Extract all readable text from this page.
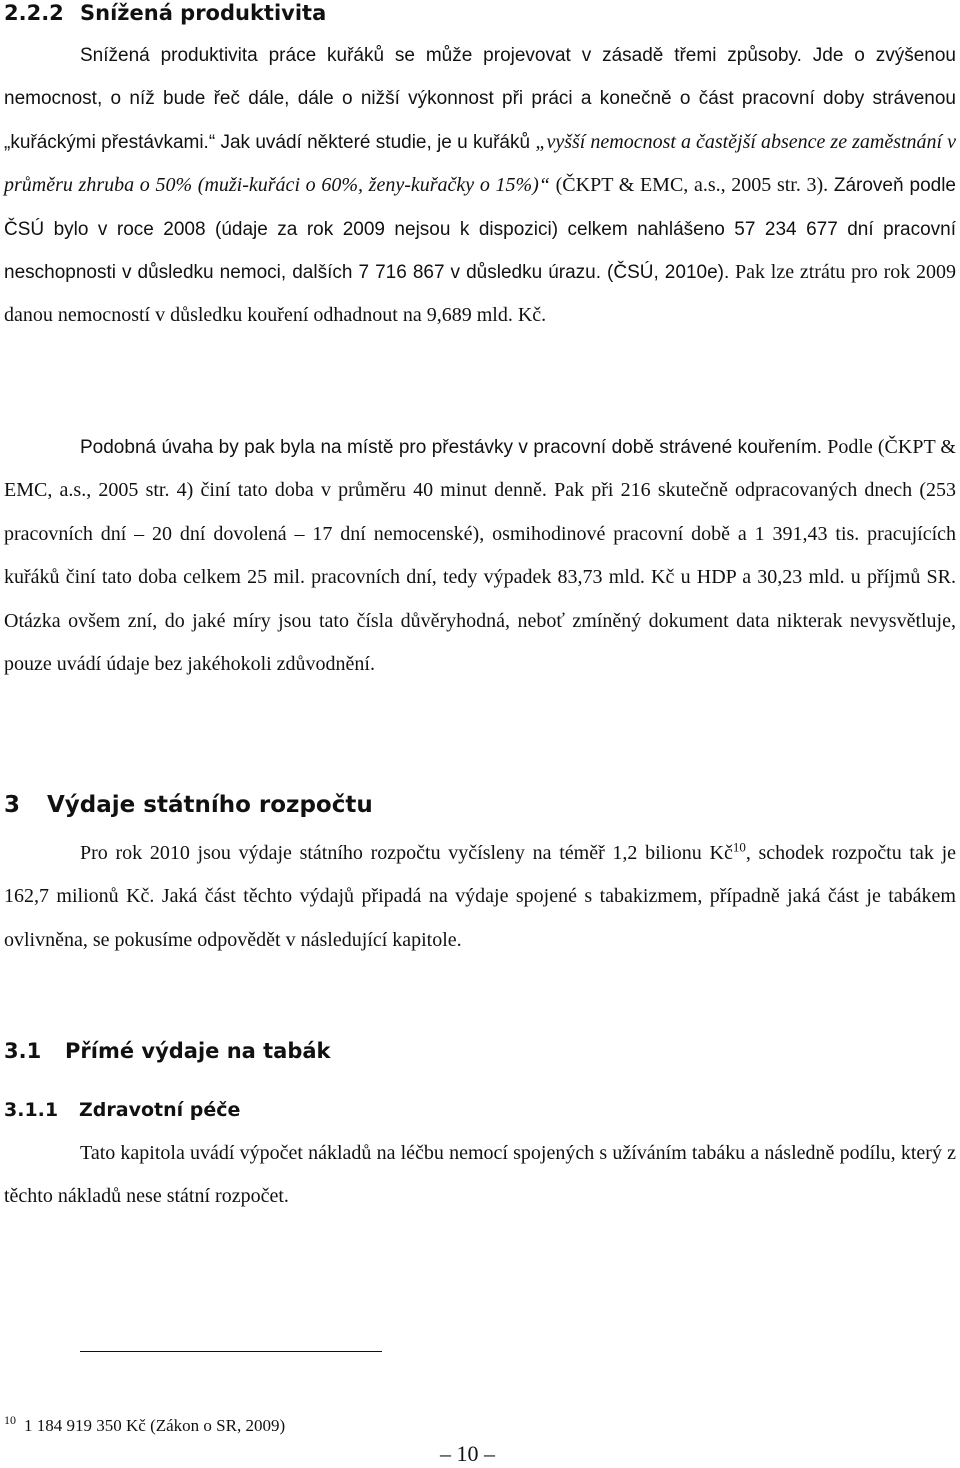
2.2.2 Snížená produktivita

Snížená produktivita práce kuřáků se může projevovat v zásadě třemi způsoby. Jde o zvýšenou nemocnost, o níž bude řeč dále, dále o nižší výkonnost při práci a konečně o část pracovní doby strávenou „kuřáckými přestávkami.“ Jak uvádí některé studie, je u kuřáků „vyšší nemocnost a častější absence ze zaměstnání v průměru zhruba o 50% (muži-kuřáci o 60%, ženy-kuřačky o 15%)“ (ČKPT & EMC, a.s., 2005 str. 3). Zároveň podle ČSÚ bylo v roce 2008 (údaje za rok 2009 nejsou k dispozici) celkem nahlášeno 57 234 677 dní pracovní neschopnosti v důsledku nemoci, dalších 7 716 867 v důsledku úrazu. (ČSÚ, 2010e). Pak lze ztrátu pro rok 2009 danou nemocností v důsledku kouření odhadnout na 9,689 mld. Kč.

Podobná úvaha by pak byla na místě pro přestávky v pracovní době strávené kouřením. Podle (ČKPT & EMC, a.s., 2005 str. 4) činí tato doba v průměru 40 minut denně. Pak při 216 skutečně odpracovaných dnech (253 pracovních dní – 20 dní dovolená – 17 dní nemocenské), osmihodinové pracovní době a 1 391,43 tis. pracujících kuřáků činí tato doba celkem 25 mil. pracovních dní, tedy výpadek 83,73 mld. Kč u HDP a 30,23 mld. u příjmů SR. Otázka ovšem zní, do jaké míry jsou tato čísla důvěryhodná, neboť zmíněný dokument data nikterak nevysvětluje, pouze uvádí údaje bez jakéhokoli zdůvodnění.

3 Výdaje státního rozpočtu

Pro rok 2010 jsou výdaje státního rozpočtu vyčísleny na téměř 1,2 bilionu $Kč^{10}$, schodek rozpočtu tak je 162,7 milionů Kč. Jaká část těchto výdajů připadá na výdaje spojené s tabakizmem, případně jaká část je tabákem ovlivněna, se pokusíme odpovědět v následující kapitole.

3.1 Přímé výdaje na tabák
3.1.1 Zdravotní péče

Tato kapitola uvádí výpočet nákladů na léčbu nemocí spojených s užíváním tabáku a následně podílu, který z těchto nákladů nese státní rozpočet.

$^{10}$ 1 184 919 350 Kč (Zákon o SR, 2009)
– 10 –
